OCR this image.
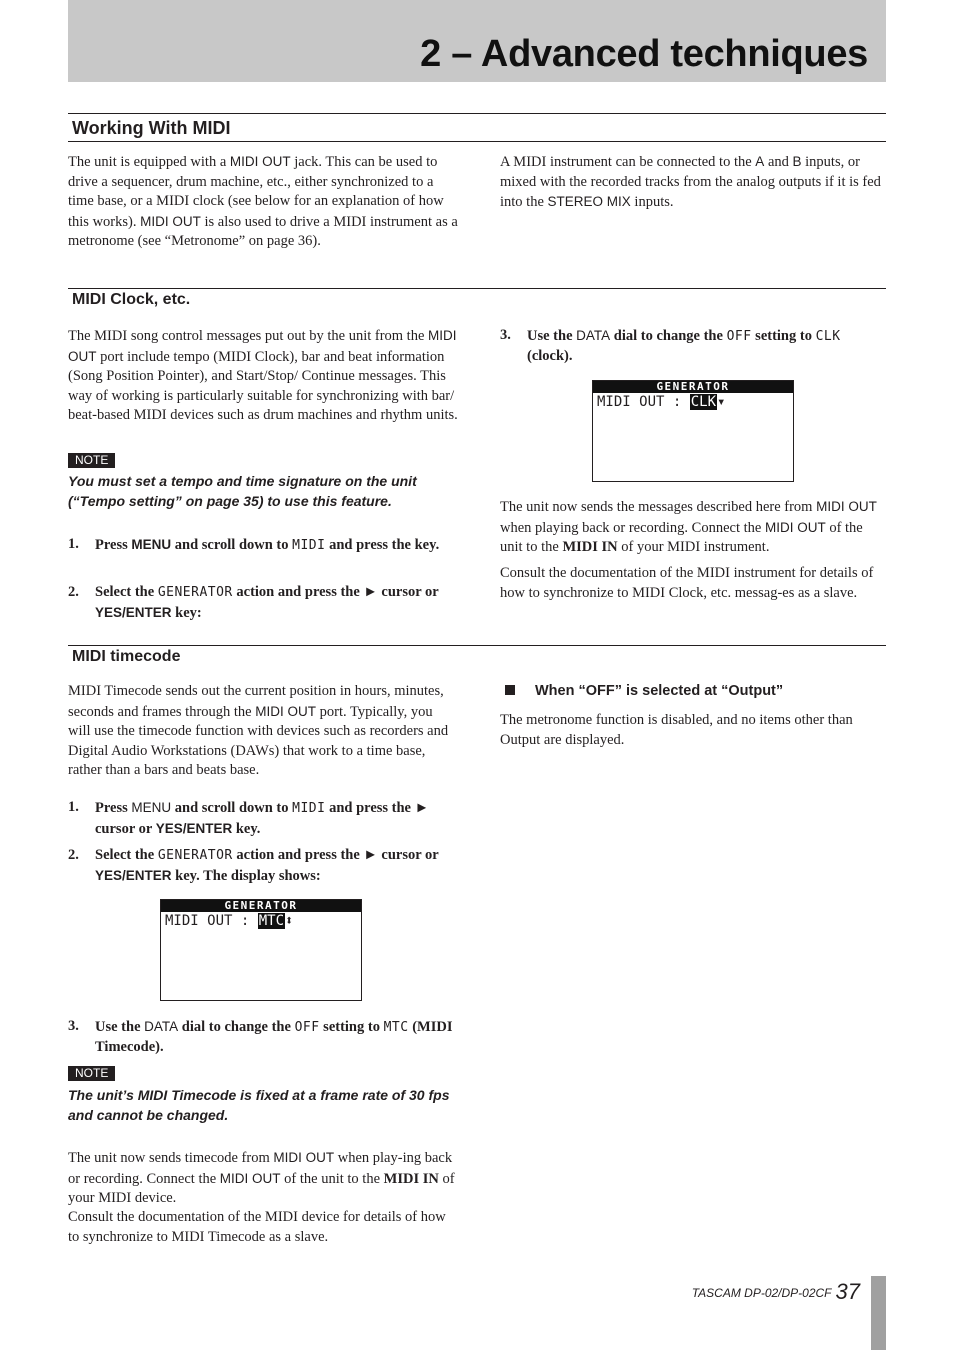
2 – Advanced techniques
Working With MIDI

The unit is equipped with a MIDI OUT jack. This can be used to drive a sequencer, drum machine, etc., either synchronized to a time base, or a MIDI clock (see below for an explanation of how this works). MIDI OUT is also used to drive a MIDI instrument as a metronome (see “Metronome” on page 36).

A MIDI instrument can be connected to the A and B inputs, or mixed with the recorded tracks from the analog outputs if it is fed into the STEREO MIX inputs.

MIDI Clock, etc.

The MIDI song control messages put out by the unit from the MIDI OUT port include tempo (MIDI Clock), bar and beat information (Song Position Pointer), and Start/Stop/ Continue messages. This way of working is particularly suitable for synchronizing with bar/ beat-based MIDI devices such as drum machines and rhythm units.

NOTE

You must set a tempo and time signature on the unit (“Tempo setting” on page 35) to use this feature.

1.	Press MENU and scroll down to MIDI and press the key.
2.	Select the GENERATOR action and press the ► cursor or YES/ENTER key:
3.	Use the DATA dial to change the OFF setting to CLK (clock).
GENERATOR
MIDI OUT : CLK▾

The unit now sends the messages described here from MIDI OUT when playing back or recording. Connect the MIDI OUT of the unit to the MIDI IN of your MIDI instrument.

Consult the documentation of the MIDI instrument for details of how to synchronize to MIDI Clock, etc. messag-es as a slave.

MIDI timecode

MIDI Timecode sends out the current position in hours, minutes, seconds and frames through the MIDI OUT port. Typically, you will use the timecode function with devices such as recorders and Digital Audio Workstations (DAWs) that work to a time base, rather than a bars and beats base.

1.	Press MENU and scroll down to MIDI and press the ► cursor or YES/ENTER key.
2.	Select the GENERATOR action and press the ► cursor or YES/ENTER key. The display shows:
GENERATOR
MIDI OUT : MTC⬍
3.	Use the DATA dial to change the OFF setting to MTC (MIDI Timecode).
NOTE

The unit’s MIDI Timecode is fixed at a frame rate of 30 fps and cannot be changed.

The unit now sends timecode from MIDI OUT when play-ing back or recording. Connect the MIDI OUT of the unit to the MIDI IN of your MIDI device.

Consult the documentation of the MIDI device for details of how to synchronize to MIDI Timecode as a slave.

When “OFF” is selected at “Output”

The metronome function is disabled, and no items other than Output are displayed.

TASCAM DP-02/DP-02CF 37
